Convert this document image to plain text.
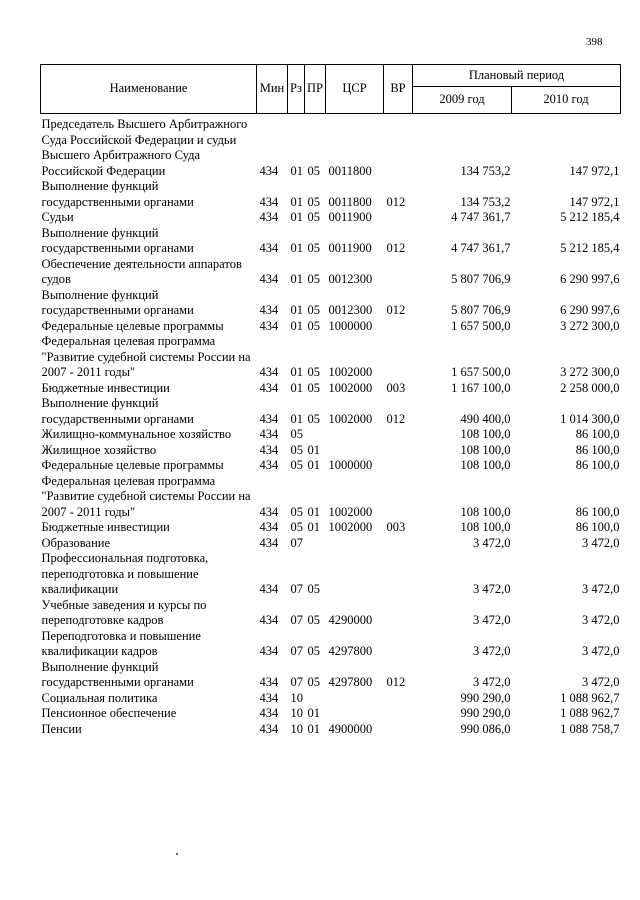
398
Наименование	Мин	Рз	ПР	ЦСР	ВР	Плановый период	
						2009 год	2010 год
Председатель Высшего Арбитражного Суда Российской Федерации и судьи Высшего Арбитражного Суда Российской Федерации	434	01	05	0011800		134 753,2	147 972,1
Выполнение функций государственными органами	434	01	05	0011800	012	134 753,2	147 972,1
Судьи	434	01	05	0011900		4 747 361,7	5 212 185,4
Выполнение функций государственными органами	434	01	05	0011900	012	4 747 361,7	5 212 185,4
Обеспечение деятельности аппаратов судов	434	01	05	0012300		5 807 706,9	6 290 997,6
Выполнение функций государственными органами	434	01	05	0012300	012	5 807 706,9	6 290 997,6
Федеральные целевые программы	434	01	05	1000000		1 657 500,0	3 272 300,0
Федеральная целевая программа "Развитие судебной системы России на 2007 - 2011 годы"	434	01	05	1002000		1 657 500,0	3 272 300,0
Бюджетные инвестиции	434	01	05	1002000	003	1 167 100,0	2 258 000,0
Выполнение функций государственными органами	434	01	05	1002000	012	490 400,0	1 014 300,0
Жилищно-коммунальное хозяйство	434	05				108 100,0	86 100,0
Жилищное хозяйство	434	05	01			108 100,0	86 100,0
Федеральные целевые программы	434	05	01	1000000		108 100,0	86 100,0
Федеральная целевая программа "Развитие судебной системы России на 2007 - 2011 годы"	434	05	01	1002000		108 100,0	86 100,0
Бюджетные инвестиции	434	05	01	1002000	003	108 100,0	86 100,0
Образование	434	07				3 472,0	3 472,0
Профессиональная подготовка, переподготовка и повышение квалификации	434	07	05			3 472,0	3 472,0
Учебные заведения и курсы по переподготовке кадров	434	07	05	4290000		3 472,0	3 472,0
Переподготовка и повышение квалификации кадров	434	07	05	4297800		3 472,0	3 472,0
Выполнение функций государственными органами	434	07	05	4297800	012	3 472,0	3 472,0
Социальная политика	434	10				990 290,0	1 088 962,7
Пенсионное обеспечение	434	10	01			990 290,0	1 088 962,7
Пенсии	434	10	01	4900000		990 086,0	1 088 758,7
